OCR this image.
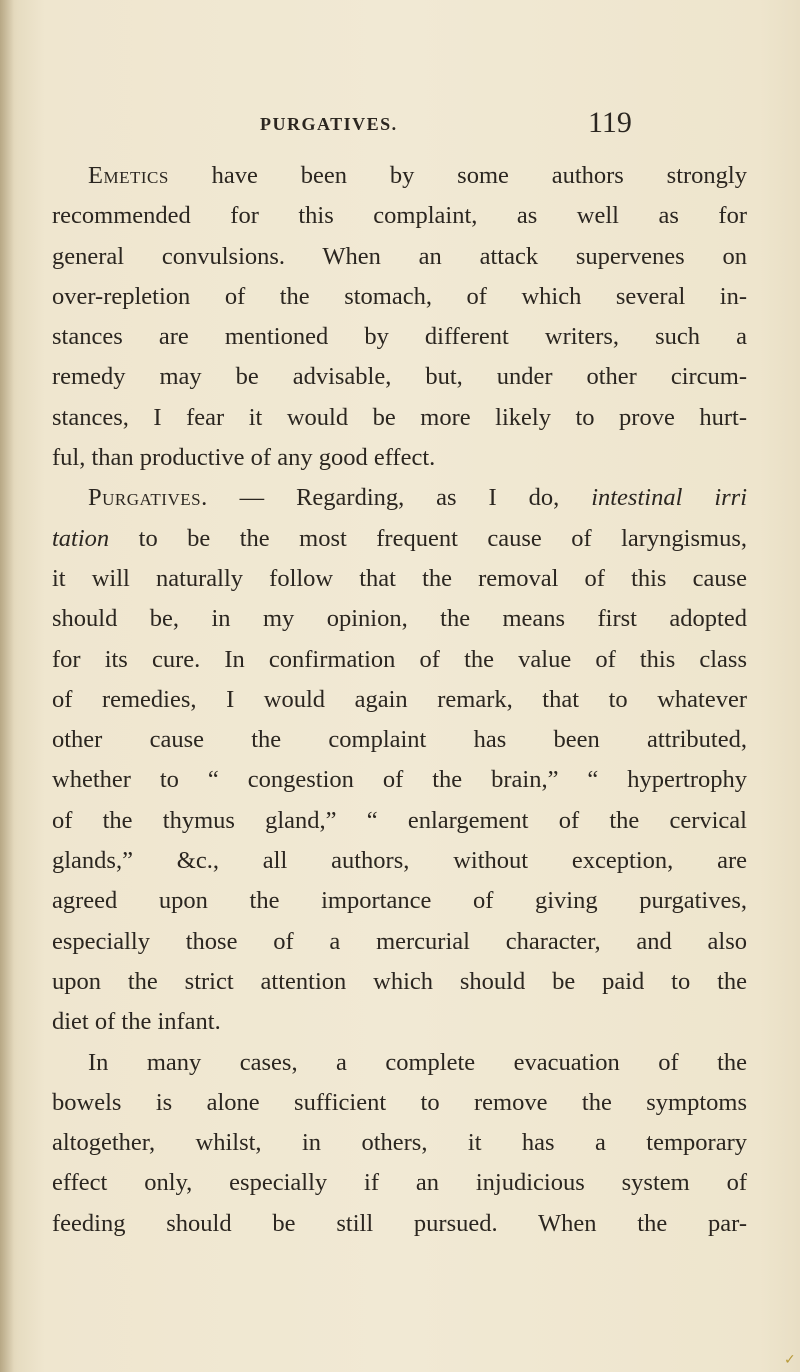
PURGATIVES.	119
Emetics have been by some authors strongly
recommended for this complaint, as well as for
general convulsions. When an attack supervenes on
over-repletion of the stomach, of which several in-
stances are mentioned by different writers, such a
remedy may be advisable, but, under other circum-
stances, I fear it would be more likely to prove hurt-
ful, than productive of any good effect.
Purgatives. — Regarding, as I do, intestinal irri
tation to be the most frequent cause of laryngismus,
it will naturally follow that the removal of this cause
should be, in my opinion, the means first adopted
for its cure. In confirmation of the value of this class
of remedies, I would again remark, that to whatever
other cause the complaint has been attributed,
whether to “ congestion of the brain,” “ hypertrophy
of the thymus gland,” “ enlargement of the cervical
glands,” &c., all authors, without exception, are
agreed upon the importance of giving purgatives,
especially those of a mercurial character, and also
upon the strict attention which should be paid to the
diet of the infant.
In many cases, a complete evacuation of the
bowels is alone sufficient to remove the symptoms
altogether, whilst, in others, it has a temporary
effect only, especially if an injudicious system of
feeding should be still pursued. When the par-
✓
